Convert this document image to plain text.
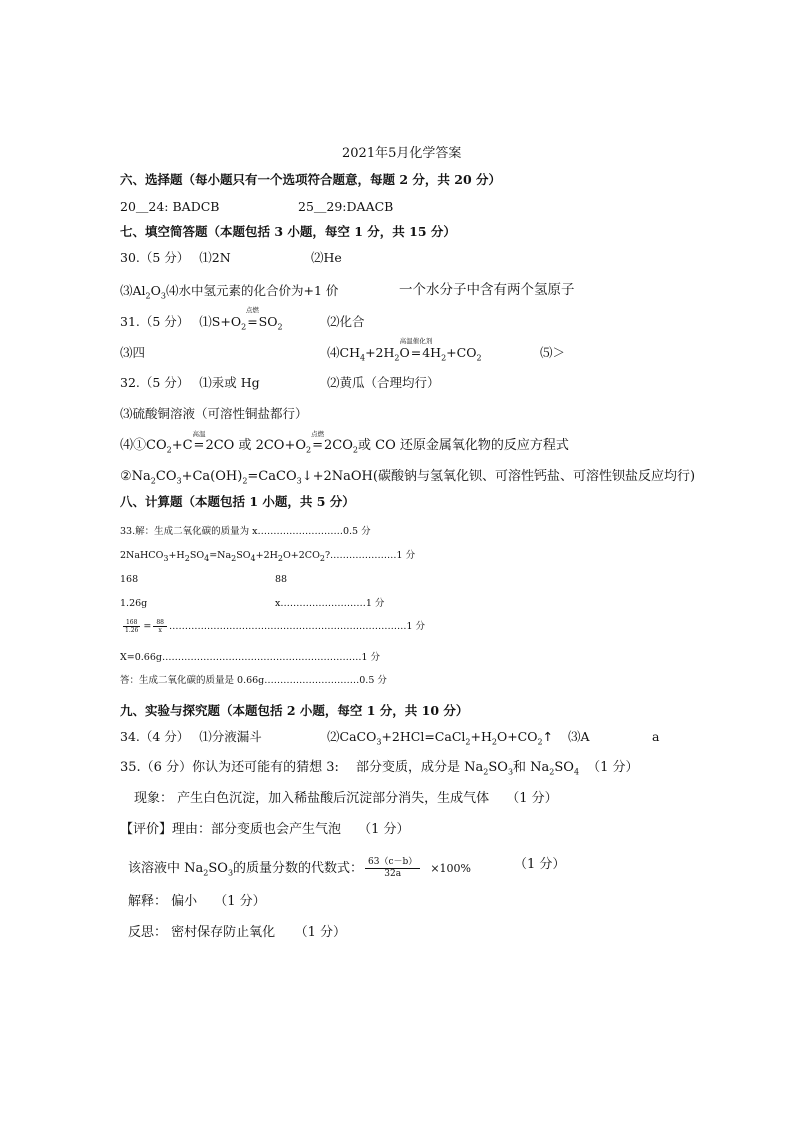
2021年5月化学答案
六、选择题（每小题只有一个选项符合题意，每题 2 分，共 20 分）
20＿24: BADCB	25＿29:DAACB
七、填空简答题（本题包括 3 小题，每空 1 分，共 15 分）
30.（5 分） ⑴2N	⑵He
$⑶Al_2O_3⑷$水中氢元素的化合价为+1 价	一个水分子中含有两个氢原子
31.（5 分） $⑴S+O_2$
点燃
$=SO_2$	⑵化合
⑶四	$⑷CH_4+2H_2O$
高温催化剂
$=4H_2+CO_2$	⑸＞
32.（5 分） ⑴汞或 Hg	⑵黄瓜（合理均行）
⑶硫酸铜溶液（可溶性铜盐都行）
$⑷①CO_2+C$
高温
=2CO 或 $2CO+O_2$
点燃
$=2CO_2$或 CO 还原金属氧化物的反应方程式
$②Na_2CO_3+Ca(OH)_2=CaCO_3↓+2NaOH$(碳酸钠与氢氧化钡、可溶性钙盐、可溶性钡盐反应均行)
八、计算题（本题包括 1 小题，共 5 分）
33.解：生成二氧化碳的质量为 x………………………0.5 分
$2NaHCO_3+H_2SO_4=Na_2SO_4+2H_2O+2CO_2?\dots\dots\dots\dots\dots\dots\dots 1$ 分
168	88
1.26g	x………………………1 分
$\frac{168}{1.26} = \frac{88}{x}$ …………………………………………………………………1 分
X=0.66g………………………………………………………1 分
答：生成二氧化碳的质量是 0.66g…………………………0.5 分
九、实验与探究题（本题包括 2 小题，每空 1 分，共 10 分）
34.（4 分） ⑴分液漏斗	$⑵CaCO_3+2HCl=CaCl_2+H_2O+CO_2↑$ ⑶A	a
35.（6 分）你认为还可能有的猜想 3:　 部分变质，成分是 $Na_2SO_3$和 $Na_2SO_4$ （1 分）
现象： 产生白色沉淀，加入稀盐酸后沉淀部分消失，生成气体　 （1 分）
【评价】理由：部分变质也会产生气泡　 （1 分）
该溶液中 $Na_2SO_3$的质量分数的代数式： $\frac{63(c-b)}{32a} \times 100\%$	（1 分）
解释： 偏小　 （1 分）
反思： 密村保存防止氧化　　（1 分）
